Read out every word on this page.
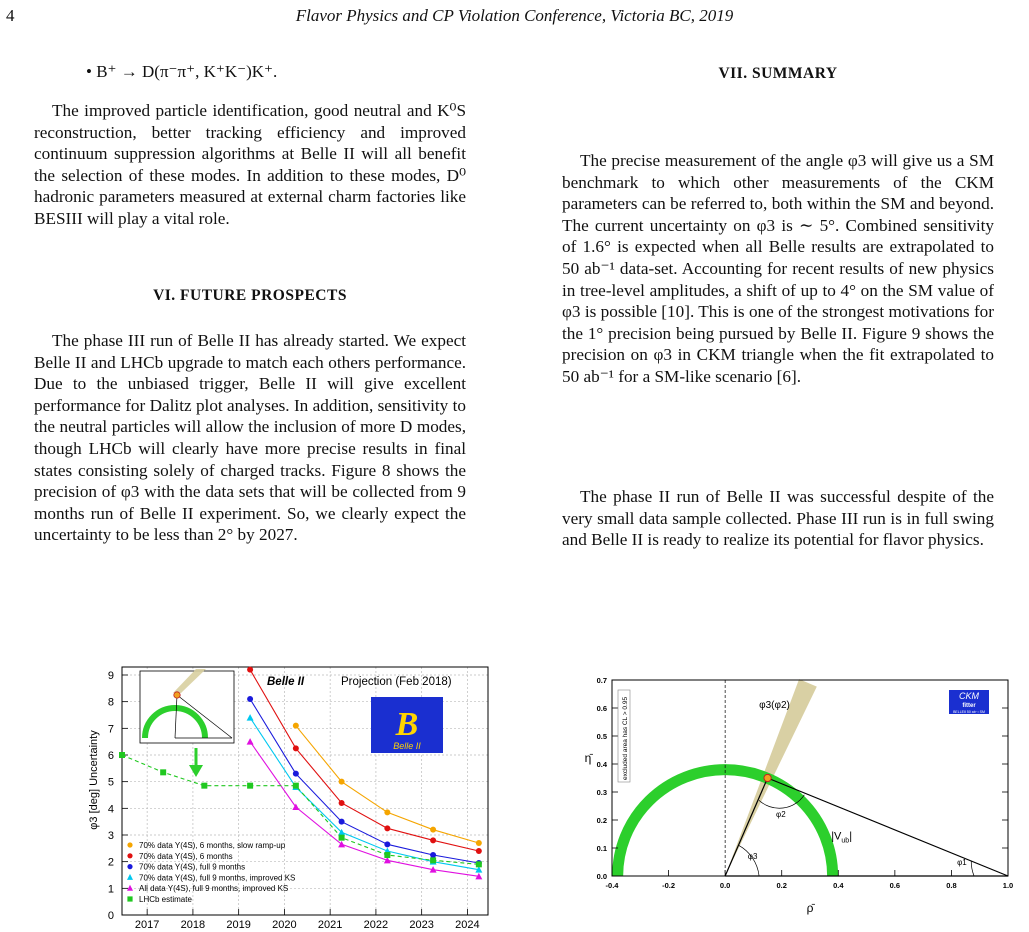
4	Flavor Physics and CP Violation Conference, Victoria BC, 2019
• B⁺ → D(π⁻π⁺, K⁺K⁻)K⁺.

The improved particle identification, good neutral and K⁰S reconstruction, better tracking efficiency and improved continuum suppression algorithms at Belle II will all benefit the selection of these modes. In addition to these modes, D⁰ hadronic parameters measured at external charm factories like BESIII will play a vital role.

VI. FUTURE PROSPECTS

The phase III run of Belle II has already started. We expect Belle II and LHCb upgrade to match each others performance. Due to the unbiased trigger, Belle II will give excellent performance for Dalitz plot analyses. In addition, sensitivity to the neutral particles will allow the inclusion of more D modes, though LHCb will clearly have more precise results in final states consisting solely of charged tracks. Figure 8 shows the precision of φ3 with the data sets that will be collected from 9 months run of Belle II experiment. So, we clearly expect the uncertainty to be less than 2° by 2027.

VII. SUMMARY

The precise measurement of the angle φ3 will give us a SM benchmark to which other measurements of the CKM parameters can be referred to, both within the SM and beyond. The current uncertainty on φ3 is ∼ 5°. Combined sensitivity of 1.6° is expected when all Belle results are extrapolated to 50 ab⁻¹ data-set. Accounting for recent results of new physics in tree-level amplitudes, a shift of up to 4° on the SM value of φ3 is possible [10]. This is one of the strongest motivations for the 1° precision being pursued by Belle II. Figure 9 shows the precision on φ3 in CKM triangle when the fit extrapolated to 50 ab⁻¹ for a SM-like scenario [6].

The phase II run of Belle II was successful despite of the very small data sample collected. Phase III run is in full swing and Belle II is ready to realize its potential for flavor physics.

0
1
2
3
4
5
6
7
8
9
2017 2018 2019 2020 2021 2022 2023 2024
φ3 [deg] Uncertainty
Belle II	Projection (Feb 2018)
B
Belle II
70% data Y(4S), 6 months, slow ramp-up
70% data Y(4S), 6 months
70% data Y(4S), full 9 months
70% data Y(4S), full 9 months, improved KS
All data Y(4S), full 9 months, improved KS
LHCb estimate
φ3
φ2
φ1
$|V_{ub}|$
φ3(φ2)
0.0
0.1
0.2
0.3
0.4
0.5
0.6
0.7
-0.4	-0.2	0.0	0.2	0.4	0.6	0.8	1.0
ρ̄
η̄	excluded area has CL > 0.95
CKM
fitter
BELLEII 50 ab⁻¹ SM
